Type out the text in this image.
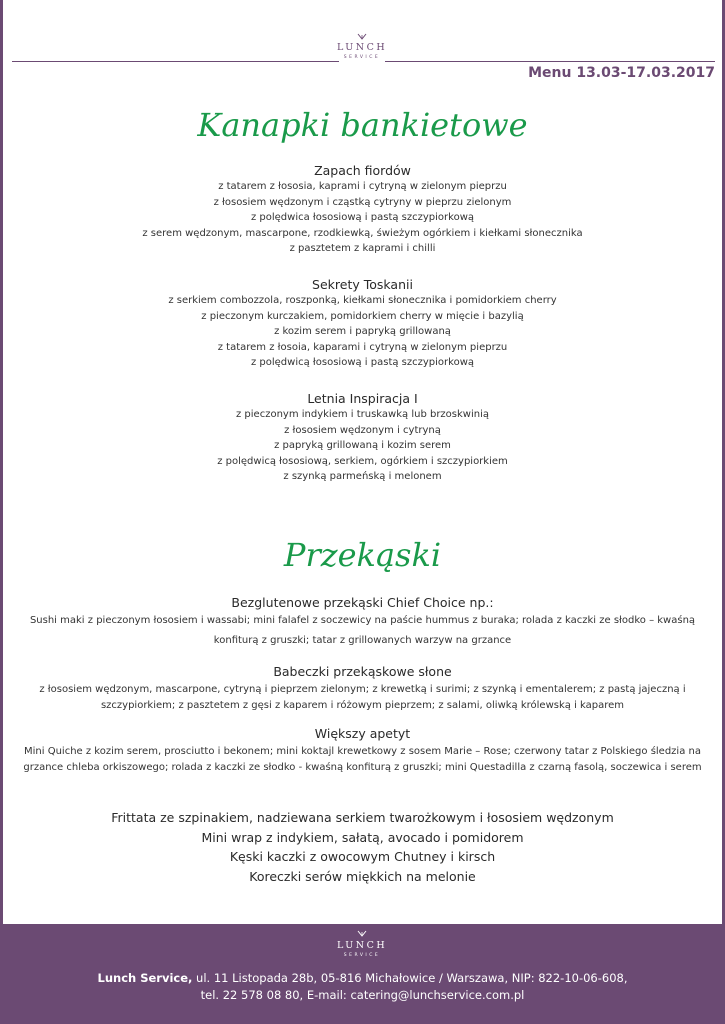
LUNCH
SERVICE
Menu 13.03-17.03.2017
Kanapki bankietowe
Zapach fiordów
z tatarem z łososia, kaprami i cytryną w zielonym pieprzu
z łososiem wędzonym i cząstką cytryny w pieprzu zielonym
z polędwica łososiową i pastą szczypiorkową
z serem wędzonym, mascarpone, rzodkiewką, świeżym ogórkiem i kiełkami słonecznika
z pasztetem z kaprami i chilli
Sekrety Toskanii
z serkiem combozzola, roszponką, kiełkami słonecznika i pomidorkiem cherry
z pieczonym kurczakiem, pomidorkiem cherry w mięcie i bazylią
z kozim serem i papryką grillowaną
z tatarem z łosoia, kaparami i cytryną w zielonym pieprzu
z polędwicą łososiową i pastą szczypiorkową
Letnia Inspiracja I
z pieczonym indykiem i truskawką lub brzoskwinią
z łososiem wędzonym i cytryną
z papryką grillowaną i kozim serem
z polędwicą łososiową, serkiem, ogórkiem i szczypiorkiem
z szynką parmeńską i melonem
Przekąski
Bezglutenowe przekąski Chief Choice np.:
Sushi maki z pieczonym łososiem i wassabi; mini falafel z soczewicy na paście hummus z buraka; rolada z kaczki ze słodko – kwaśną konfiturą z gruszki; tatar z grillowanych warzyw na grzance
Babeczki przekąskowe słone
z łososiem wędzonym, mascarpone, cytryną i pieprzem zielonym; z krewetką i surimi; z szynką i ementalerem; z pastą jajeczną i szczypiorkiem; z pasztetem z gęsi z kaparem i różowym pieprzem; z salami, oliwką królewską i kaparem
Większy apetyt
Mini Quiche z kozim serem, prosciutto i bekonem; mini koktajl krewetkowy z sosem Marie – Rose; czerwony tatar z Polskiego śledzia na grzance chleba orkiszowego; rolada z kaczki ze słodko - kwaśną konfiturą z gruszki; mini Questadilla z czarną fasolą, soczewica i serem
Frittata ze szpinakiem, nadziewana serkiem twarożkowym i łososiem wędzonym
Mini wrap z indykiem, sałatą, avocado i pomidorem
Kęski kaczki z owocowym Chutney i kirsch
Koreczki serów miękkich na melonie
LUNCH
SERVICE
Lunch Service, ul. 11 Listopada 28b, 05-816 Michałowice / Warszawa, NIP: 822-10-06-608,
tel. 22 578 08 80, E-mail: catering@lunchservice.com.pl
